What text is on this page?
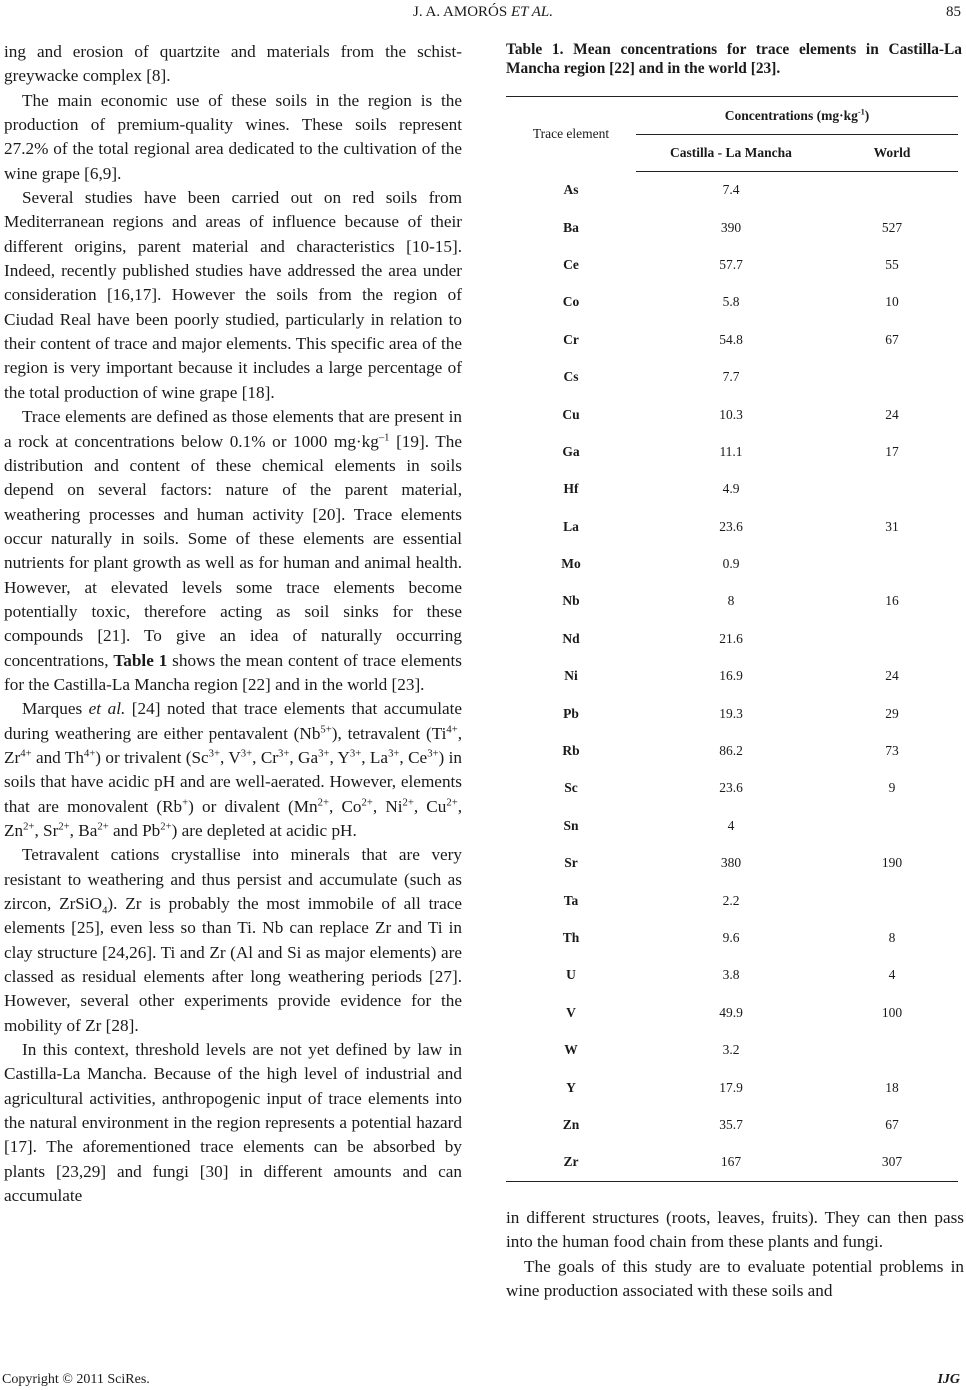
J. A. AMORÓS ET AL.	85

ing and erosion of quartzite and materials from the schist-greywacke complex [8].

The main economic use of these soils in the region is the production of premium-quality wines. These soils represent 27.2% of the total regional area dedicated to the cultivation of the wine grape [6,9].

Several studies have been carried out on red soils from Mediterranean regions and areas of influence because of their different origins, parent material and characteristics [10-15]. Indeed, recently published studies have addressed the area under consideration [16,17]. However the soils from the region of Ciudad Real have been poorly studied, particularly in relation to their content of trace and major elements. This specific area of the region is very important because it includes a large percentage of the total production of wine grape [18].

Trace elements are defined as those elements that are present in a rock at concentrations below 0.1% or 1000 $mg\cdot kg^{-1}$ [19]. The distribution and content of these chemical elements in soils depend on several factors: nature of the parent material, weathering processes and human activity [20]. Trace elements occur naturally in soils. Some of these elements are essential nutrients for plant growth as well as for human and animal health. However, at elevated levels some trace elements become potentially toxic, therefore acting as soil sinks for these compounds [21]. To give an idea of naturally occurring concentrations, Table 1 shows the mean content of trace elements for the Castilla-La Mancha region [22] and in the world [23].

Marques et al. [24] noted that trace elements that accumulate during weathering are either pentavalent $(Nb^{5+})$, tetravalent ($Ti^{4+}$, $Zr^{4+}$ and $Th^{4+}$) or trivalent ($Sc^{3+}$, $V^{3+}$, $Cr^{3+}$, $Ga^{3+}$, $Y^{3+}$, $La^{3+}$, $Ce^{3+}$) in soils that have acidic pH and are well-aerated. However, elements that are monovalent (Rb+) or divalent ($Mn^{2+}$, $Co^{2+}$, $Ni^{2+}$, $Cu^{2+}$, $Zn^{2+}$, $Sr^{2+}$, $Ba^{2+}$ and $Pb^{2+}$) are depleted at acidic pH.

Tetravalent cations crystallise into minerals that are very resistant to weathering and thus persist and accumulate (such as zircon, ZrSiO$_4$). Zr is probably the most immobile of all trace elements [25], even less so than Ti. Nb can replace Zr and Ti in clay structure [24,26]. Ti and Zr (Al and Si as major elements) are classed as residual elements after long weathering periods [27]. However, several other experiments provide evidence for the mobility of Zr [28].

In this context, threshold levels are not yet defined by law in Castilla-La Mancha. Because of the high level of industrial and agricultural activities, anthropogenic input of trace elements into the natural environment in the region represents a potential hazard [17]. The aforementioned trace elements can be absorbed by plants [23,29] and fungi [30] in different amounts and can accumulate

Table 1. Mean concentrations for trace elements in Castilla-La Mancha region [22] and in the world [23].

Trace element	Concentrations $(mg\cdot kg^{-1})$	
	Castilla - La Mancha	World
As	7.4	
Ba	390	527
Ce	57.7	55
Co	5.8	10
Cr	54.8	67
Cs	7.7	
Cu	10.3	24
Ga	11.1	17
Hf	4.9	
La	23.6	31
Mo	0.9	
Nb	8	16
Nd	21.6	
Ni	16.9	24
Pb	19.3	29
Rb	86.2	73
Sc	23.6	9
Sn	4	
Sr	380	190
Ta	2.2	
Th	9.6	8
U	3.8	4
V	49.9	100
W	3.2	
Y	17.9	18
Zn	35.7	67
Zr	167	307

in different structures (roots, leaves, fruits). They can then pass into the human food chain from these plants and fungi.

The goals of this study are to evaluate potential problems in wine production associated with these soils and

Copyright © 2011 SciRes.	IJG
